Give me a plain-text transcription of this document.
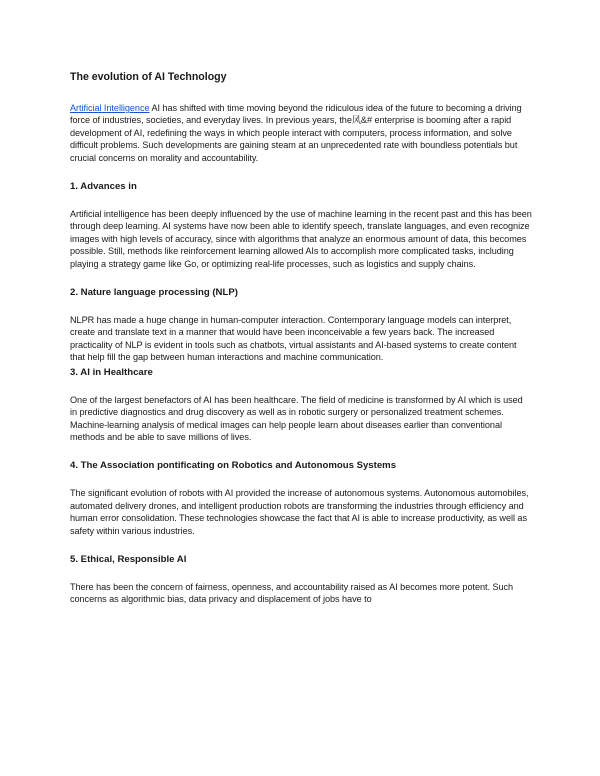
The evolution of AI Technology

Artificial Intelligence AI has shifted with time moving beyond the ridiculous idea of the future to becoming a driving force of industries, societies, and everyday lives. In previous years, the风&# enterprise is booming after a rapid development of AI, redefining the ways in which people interact with computers, process information, and solve difficult problems. Such developments are gaining steam at an unprecedented rate with boundless potentials but crucial concerns on morality and accountability.

1. Advances in

Artificial intelligence has been deeply influenced by the use of machine learning in the recent past and this has been through deep learning. AI systems have now been able to identify speech, translate languages, and even recognize images with high levels of accuracy, since with algorithms that analyze an enormous amount of data, this becomes possible. Still, methods like reinforcement learning allowed AIs to accomplish more complicated tasks, including playing a strategy game like Go, or optimizing real-life processes, such as logistics and supply chains.

2. Nature language processing (NLP)

NLPR has made a huge change in human-computer interaction. Contemporary language models can interpret, create and translate text in a manner that would have been inconceivable a few years back. The increased practicality of NLP is evident in tools such as chatbots, virtual assistants and AI-based systems to create content that help fill the gap between human interactions and machine communication.

3. AI in Healthcare

One of the largest benefactors of AI has been healthcare. The field of medicine is transformed by AI which is used in predictive diagnostics and drug discovery as well as in robotic surgery or personalized treatment schemes. Machine-learning analysis of medical images can help people learn about diseases earlier than conventional methods and be able to save millions of lives.

4. The Association pontificating on Robotics and Autonomous Systems

The significant evolution of robots with AI provided the increase of autonomous systems. Autonomous automobiles, automated delivery drones, and intelligent production robots are transforming the industries through efficiency and human error consolidation. These technologies showcase the fact that AI is able to increase productivity, as well as safety within various industries.

5. Ethical, Responsible AI

There has been the concern of fairness, openness, and accountability raised as AI becomes more potent. Such concerns as algorithmic bias, data privacy and displacement of jobs have to
